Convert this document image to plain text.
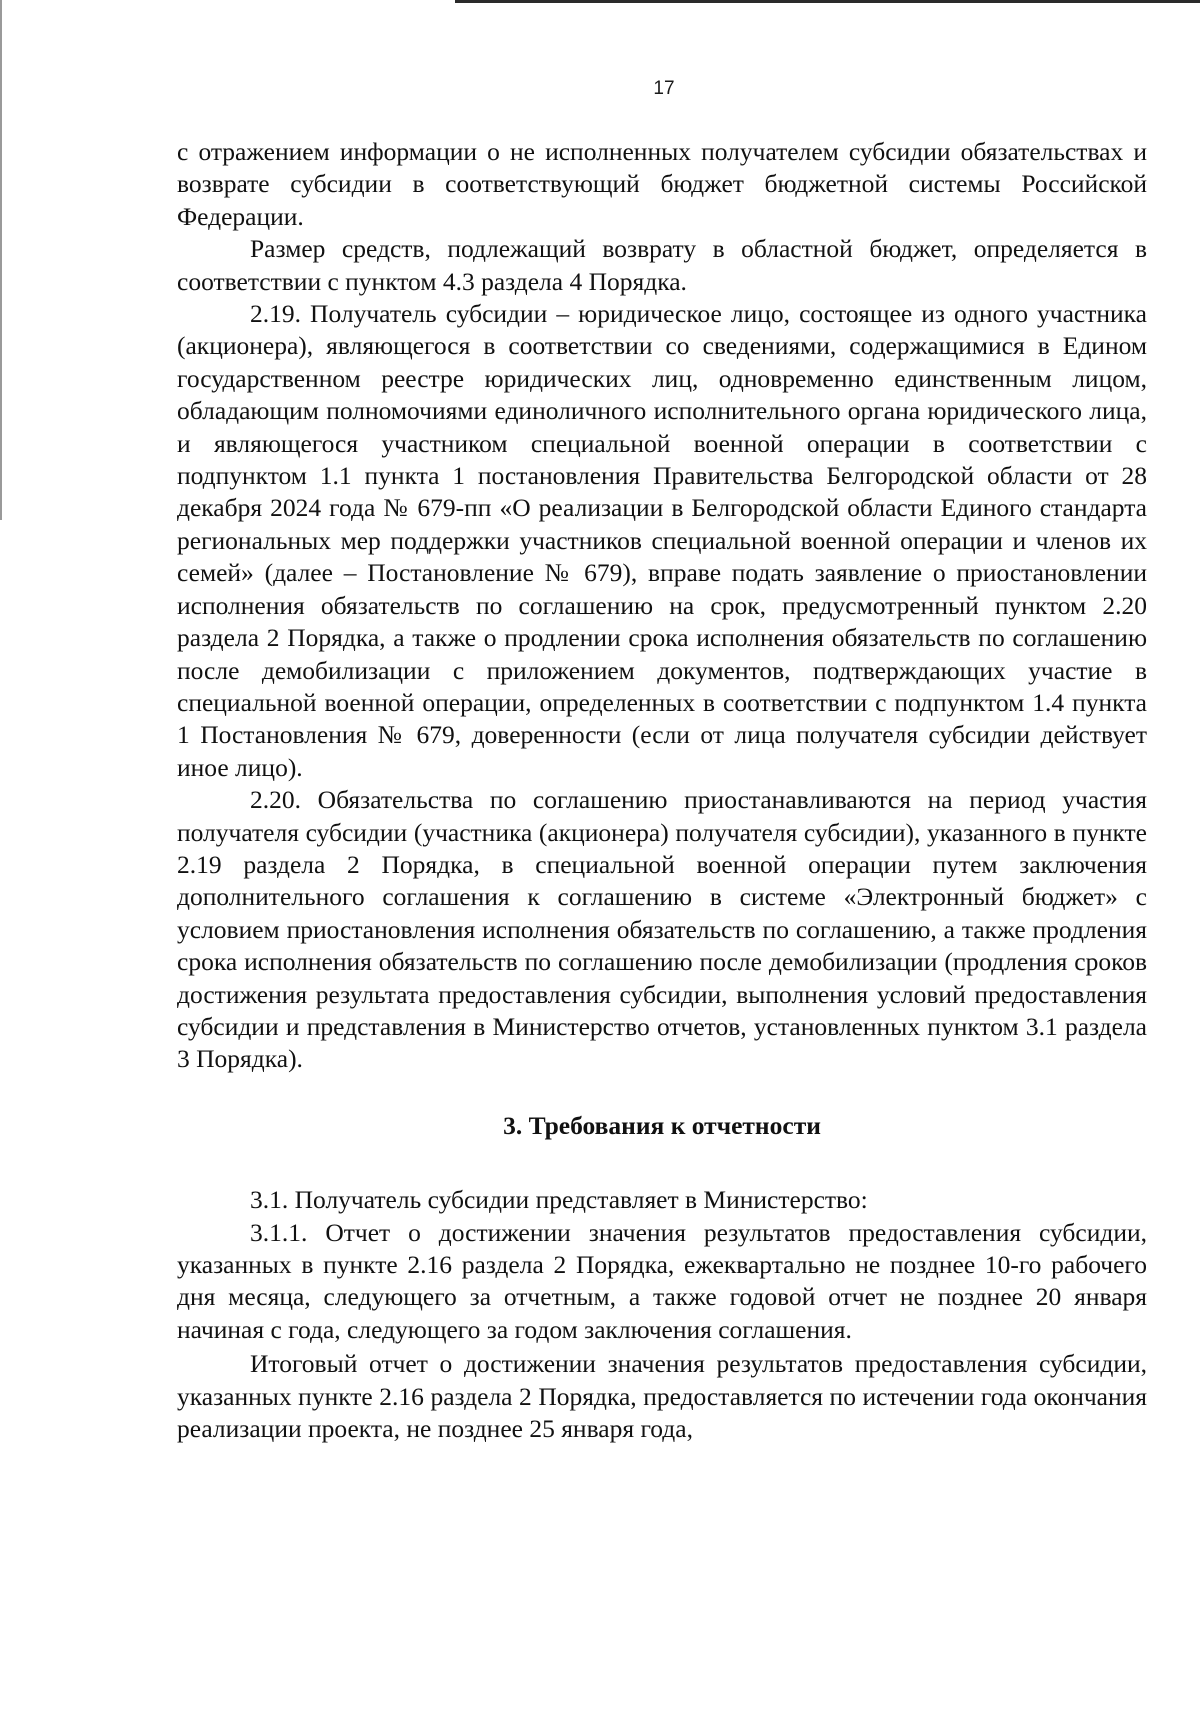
17

с отражением информации о не исполненных получателем субсидии обязательствах и возврате субсидии в соответствующий бюджет бюджетной системы Российской Федерации.

Размер средств, подлежащий возврату в областной бюджет, определяется в соответствии с пунктом 4.3 раздела 4 Порядка.

2.19. Получатель субсидии – юридическое лицо, состоящее из одного участника (акционера), являющегося в соответствии со сведениями, содержащимися в Едином государственном реестре юридических лиц, одновременно единственным лицом, обладающим полномочиями единоличного исполнительного органа юридического лица, и являющегося участником специальной военной операции в соответствии с подпунктом 1.1 пункта 1 постановления Правительства Белгородской области от 28 декабря 2024 года № 679-пп «О реализации в Белгородской области Единого стандарта региональных мер поддержки участников специальной военной операции и членов их семей» (далее – Постановление № 679), вправе подать заявление о приостановлении исполнения обязательств по соглашению на срок, предусмотренный пунктом 2.20 раздела 2 Порядка, а также о продлении срока исполнения обязательств по соглашению после демобилизации с приложением документов, подтверждающих участие в специальной военной операции, определенных в соответствии с подпунктом 1.4 пункта 1 Постановления № 679, доверенности (если от лица получателя субсидии действует иное лицо).

2.20. Обязательства по соглашению приостанавливаются на период участия получателя субсидии (участника (акционера) получателя субсидии), указанного в пункте 2.19 раздела 2 Порядка, в специальной военной операции путем заключения дополнительного соглашения к соглашению в системе «Электронный бюджет» с условием приостановления исполнения обязательств по соглашению, а также продления срока исполнения обязательств по соглашению после демобилизации (продления сроков достижения результата предоставления субсидии, выполнения условий предоставления субсидии и представления в Министерство отчетов, установленных пунктом 3.1 раздела 3 Порядка).

3. Требования к отчетности

3.1. Получатель субсидии представляет в Министерство:

3.1.1. Отчет о достижении значения результатов предоставления субсидии, указанных в пункте 2.16 раздела 2 Порядка, ежеквартально не позднее 10-го рабочего дня месяца, следующего за отчетным, а также годовой отчет не позднее 20 января начиная с года, следующего за годом заключения соглашения.

Итоговый отчет о достижении значения результатов предоставления субсидии, указанных пункте 2.16 раздела 2 Порядка, предоставляется по истечении года окончания реализации проекта, не позднее 25 января года,
